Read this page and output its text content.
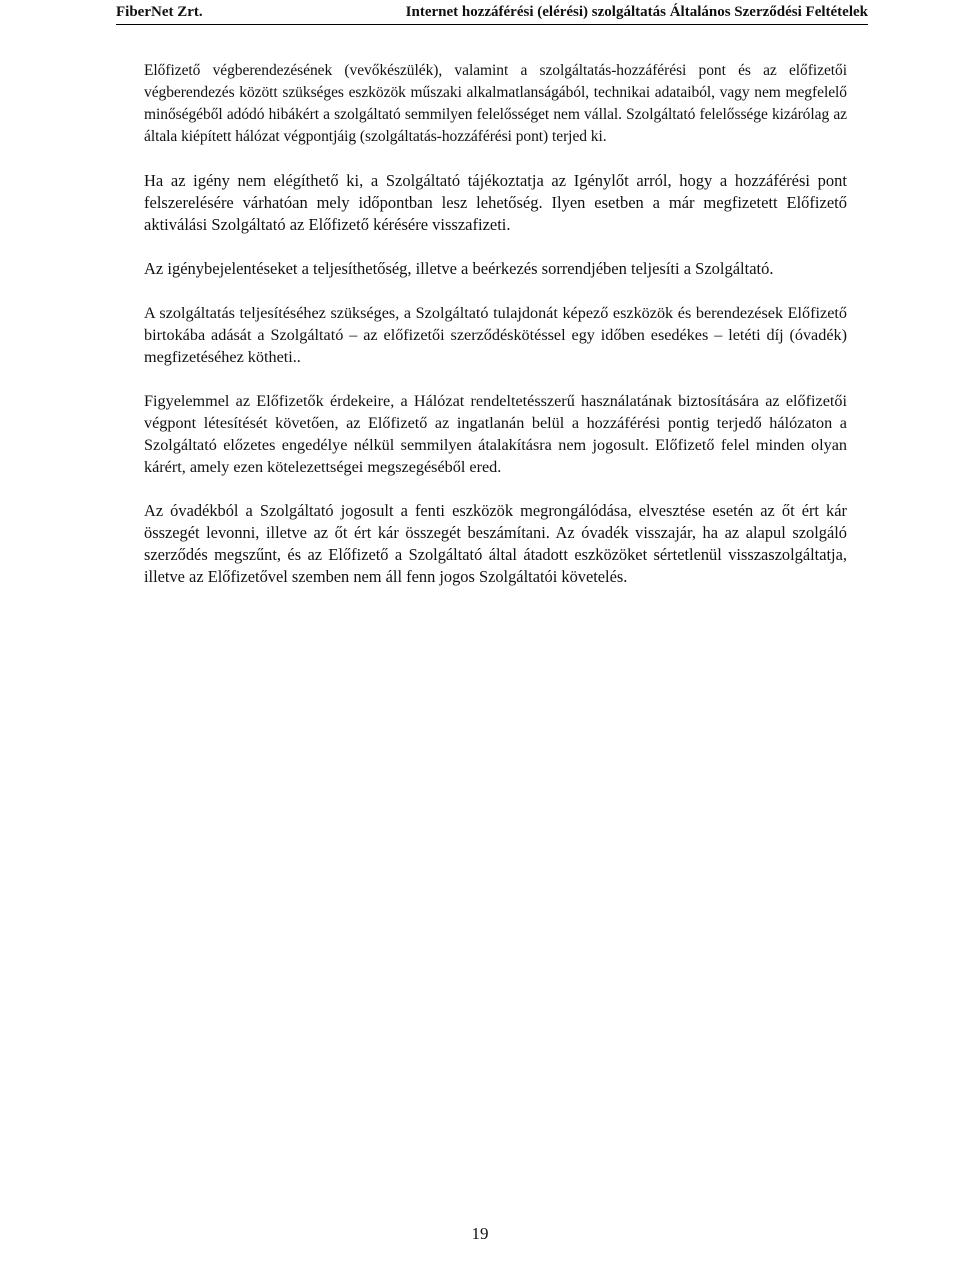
FiberNet Zrt.	Internet hozzáférési (elérési) szolgáltatás Általános Szerződési Feltételek

Előfizető végberendezésének (vevőkészülék), valamint a szolgáltatás-hozzáférési pont és az előfizetői végberendezés között szükséges eszközök műszaki alkalmatlanságából, technikai adataiból, vagy nem megfelelő minőségéből adódó hibákért a szolgáltató semmilyen felelősséget nem vállal. Szolgáltató felelőssége kizárólag az általa kiépített hálózat végpontjáig (szolgáltatás-hozzáférési pont) terjed ki.

Ha az igény nem elégíthető ki, a Szolgáltató tájékoztatja az Igénylőt arról, hogy a hozzáférési pont felszerelésére várhatóan mely időpontban lesz lehetőség. Ilyen esetben a már megfizetett Előfizető aktiválási Szolgáltató az Előfizető kérésére visszafizeti.

Az igénybejelentéseket a teljesíthetőség, illetve a beérkezés sorrendjében teljesíti a Szolgáltató.

A szolgáltatás teljesítéséhez szükséges, a Szolgáltató tulajdonát képező eszközök és berendezések Előfizető birtokába adását a Szolgáltató – az előfizetői szerződéskötéssel egy időben esedékes – letéti díj (óvadék) megfizetéséhez kötheti..

Figyelemmel az Előfizetők érdekeire, a Hálózat rendeltetésszerű használatának biztosítására az előfizetői végpont létesítését követően, az Előfizető az ingatlanán belül a hozzáférési pontig terjedő hálózaton a Szolgáltató előzetes engedélye nélkül semmilyen átalakításra nem jogosult. Előfizető felel minden olyan kárért, amely ezen kötelezettségei megszegéséből ered.

Az óvadékból a Szolgáltató jogosult a fenti eszközök megrongálódása, elvesztése esetén az őt ért kár összegét levonni, illetve az őt ért kár összegét beszámítani. Az óvadék visszajár, ha az alapul szolgáló szerződés megszűnt, és az Előfizető a Szolgáltató által átadott eszközöket sértetlenül visszaszolgáltatja, illetve az Előfizetővel szemben nem áll fenn jogos Szolgáltatói követelés.

19
